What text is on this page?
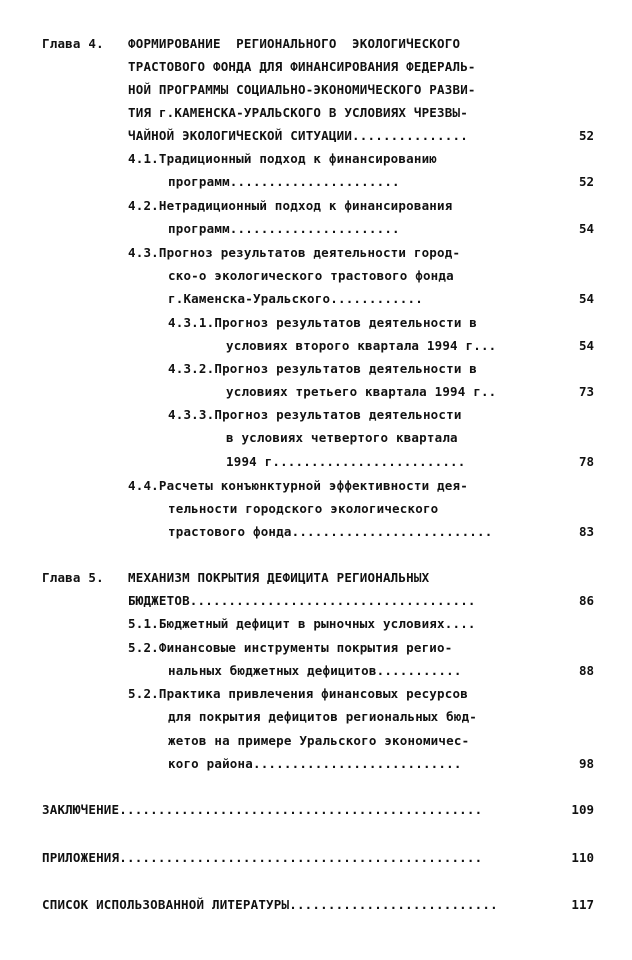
Глава 4. ФОРМИРОВАНИЕ  РЕГИОНАЛЬНОГО  ЭКОЛОГИЧЕСКОГО
ТРАСТОВОГО ФОНДА ДЛЯ ФИНАНСИРОВАНИЯ ФЕДЕРАЛЬ-
НОЙ ПРОГРАММЫ СОЦИАЛЬНО-ЭКОНОМИЧЕСКОГО РАЗВИ-
ТИЯ г.КАМЕНСКА-УРАЛЬСКОГО В УСЛОВИЯХ ЧРЕЗВЫ-
ЧАЙНОЙ ЭКОЛОГИЧЕСКОЙ СИТУАЦИИ...............	52
4.1.Традиционный подход к финансированию
программ......................	52
4.2.Нетрадиционный подход к финансирования
программ......................	54
4.3.Прогноз результатов деятельности город-
ско-о экологического трастового фонда
г.Каменска-Уральского............	54
4.3.1.Прогноз результатов деятельности в
условиях второго квартала 1994 г...	54
4.3.2.Прогноз результатов деятельности в
условиях третьего квартала 1994 г..	73
4.3.3.Прогноз результатов деятельности
в условиях четвертого квартала
1994 г.........................	78
4.4.Расчеты конъюнктурной эффективности дея-
тельности городского экологического
трастового фонда..........................	83
Глава 5. МЕХАНИЗМ ПОКРЫТИЯ ДЕФИЦИТА РЕГИОНАЛЬНЫХ
БЮДЖЕТОВ.....................................	86
5.1.Бюджетный дефицит в рыночных условиях....
5.2.Финансовые инструменты покрытия регио-
нальных бюджетных дефицитов...........	88
5.2.Практика привлечения финансовых ресурсов
для покрытия дефицитов региональных бюд-
жетов на примере Уральского экономичес-
кого района...........................	98
ЗАКЛЮЧЕНИЕ...............................................	109
ПРИЛОЖЕНИЯ...............................................	110
СПИСОК ИСПОЛЬЗОВАННОЙ ЛИТЕРАТУРЫ...........................	117
